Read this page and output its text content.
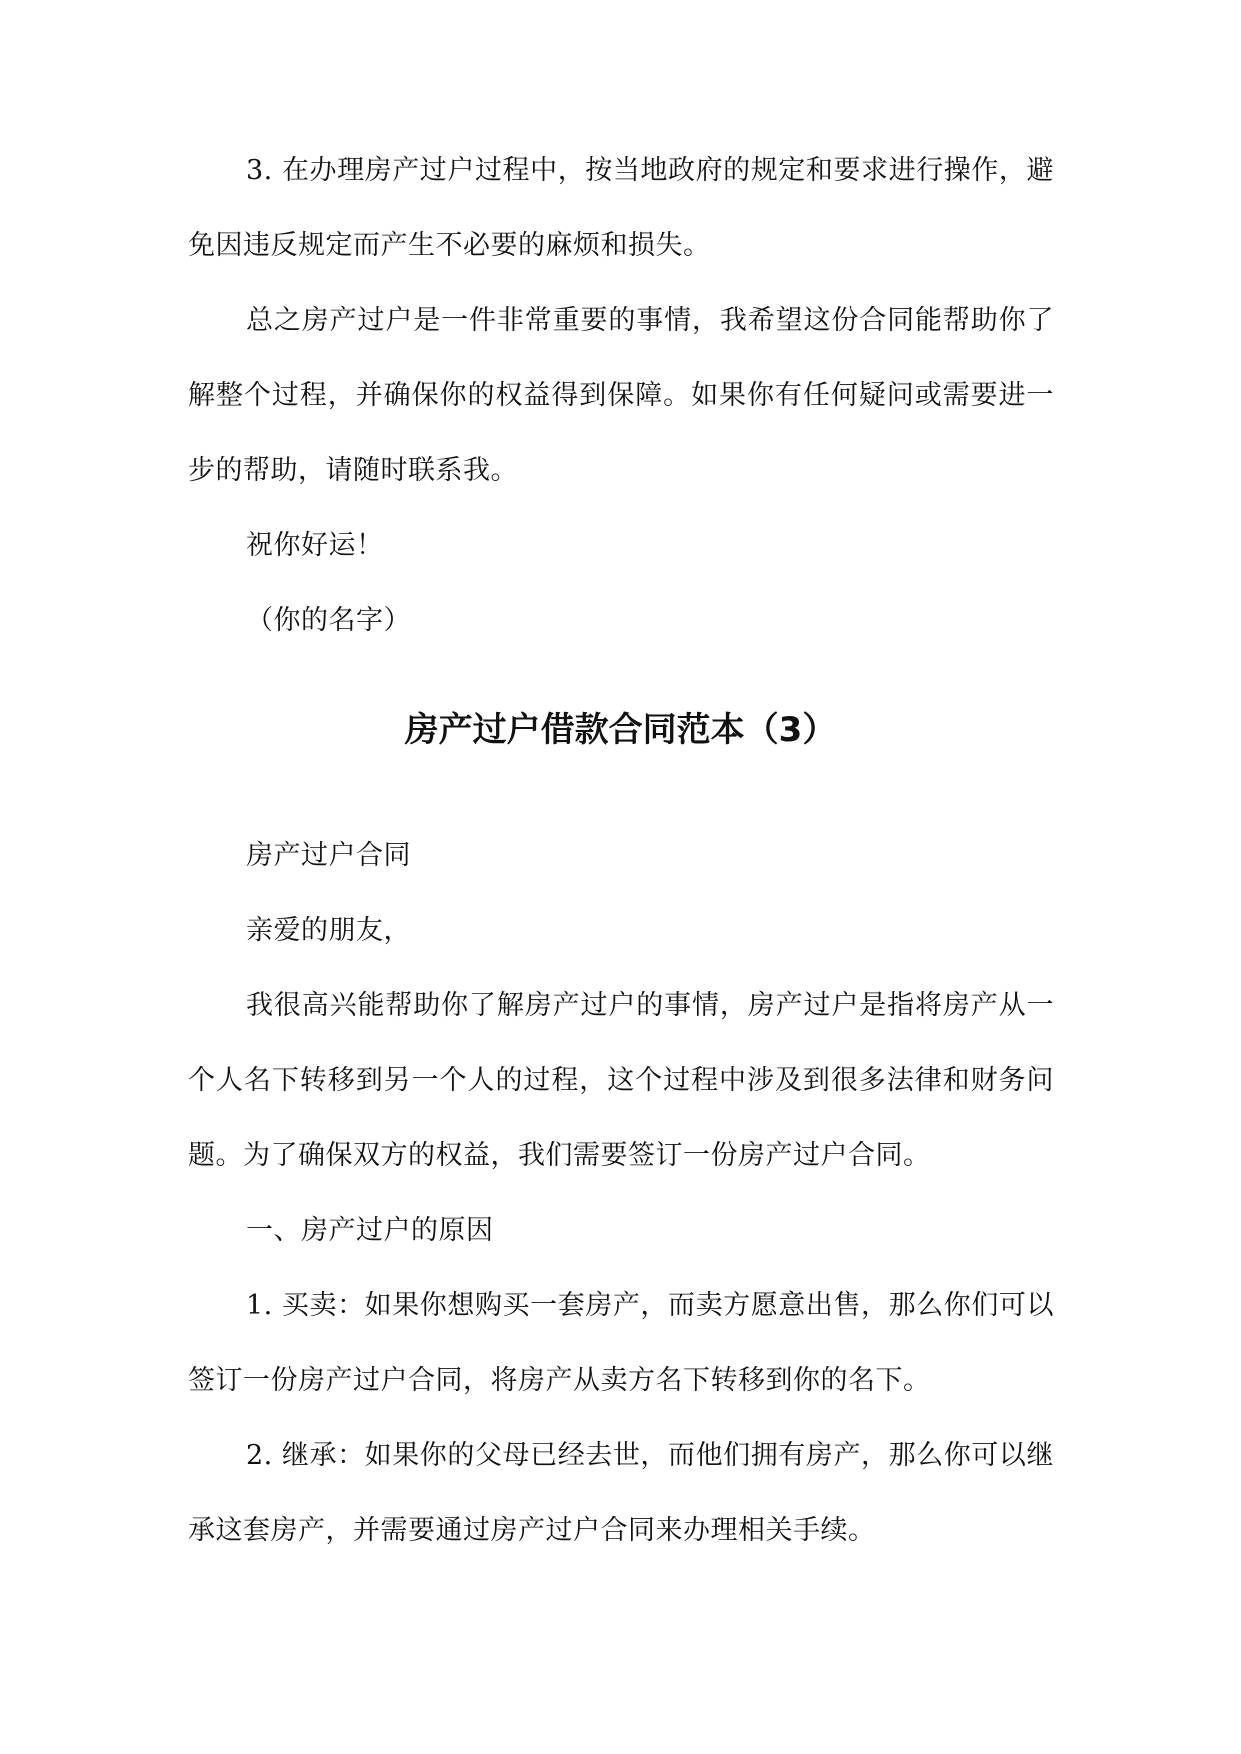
3. 在办理房产过户过程中，按当地政府的规定和要求进行操作，避免因违反规定而产生不必要的麻烦和损失。

总之房产过户是一件非常重要的事情，我希望这份合同能帮助你了解整个过程，并确保你的权益得到保障。如果你有任何疑问或需要进一步的帮助，请随时联系我。

祝你好运！

（你的名字）

房产过户借款合同范本（3）

房产过户合同

亲爱的朋友，

我很高兴能帮助你了解房产过户的事情，房产过户是指将房产从一个人名下转移到另一个人的过程，这个过程中涉及到很多法律和财务问题。为了确保双方的权益，我们需要签订一份房产过户合同。

一、房产过户的原因

1. 买卖：如果你想购买一套房产，而卖方愿意出售，那么你们可以签订一份房产过户合同，将房产从卖方名下转移到你的名下。

2. 继承：如果你的父母已经去世，而他们拥有房产，那么你可以继承这套房产，并需要通过房产过户合同来办理相关手续。
